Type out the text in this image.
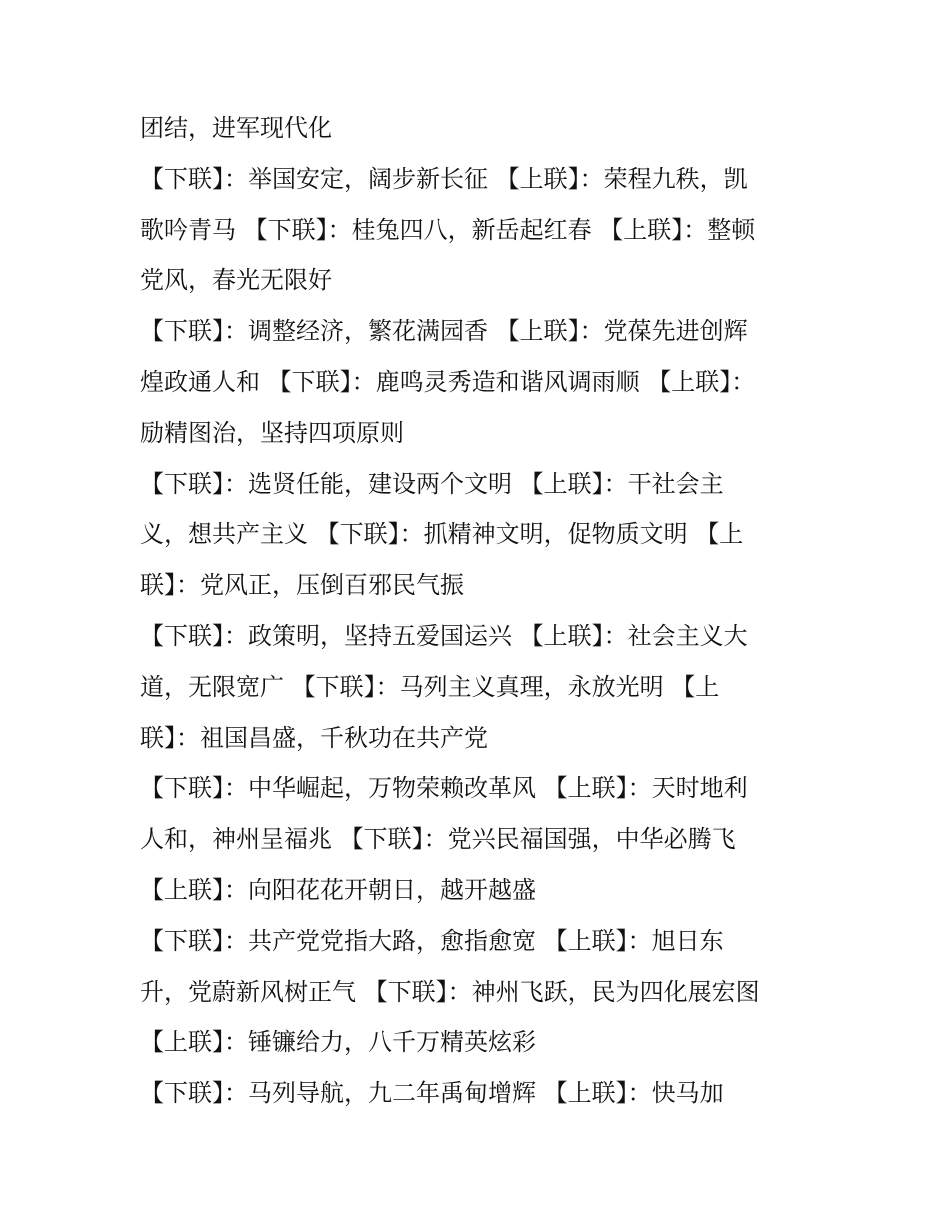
团结，进军现代化
【下联】：举国安定，阔步新长征 【上联】：荣程九秩，凯
歌吟青马 【下联】：桂兔四八，新岳起红春 【上联】：整顿
党风，春光无限好
【下联】：调整经济，繁花满园香 【上联】：党葆先进创辉
煌政通人和 【下联】：鹿鸣灵秀造和谐风调雨顺 【上联】：
励精图治，坚持四项原则
【下联】：选贤任能，建设两个文明 【上联】：干社会主
义，想共产主义 【下联】：抓精神文明，促物质文明 【上
联】：党风正，压倒百邪民气振
【下联】：政策明，坚持五爱国运兴 【上联】：社会主义大
道，无限宽广 【下联】：马列主义真理，永放光明 【上
联】：祖国昌盛，千秋功在共产党
【下联】：中华崛起，万物荣赖改革风 【上联】：天时地利
人和，神州呈福兆 【下联】：党兴民福国强，中华必腾飞
【上联】：向阳花花开朝日，越开越盛
【下联】：共产党党指大路，愈指愈宽 【上联】：旭日东
升，党蔚新风树正气 【下联】：神州飞跃，民为四化展宏图
【上联】：锤镰给力，八千万精英炫彩
【下联】：马列导航，九二年禹甸增辉 【上联】：快马加
